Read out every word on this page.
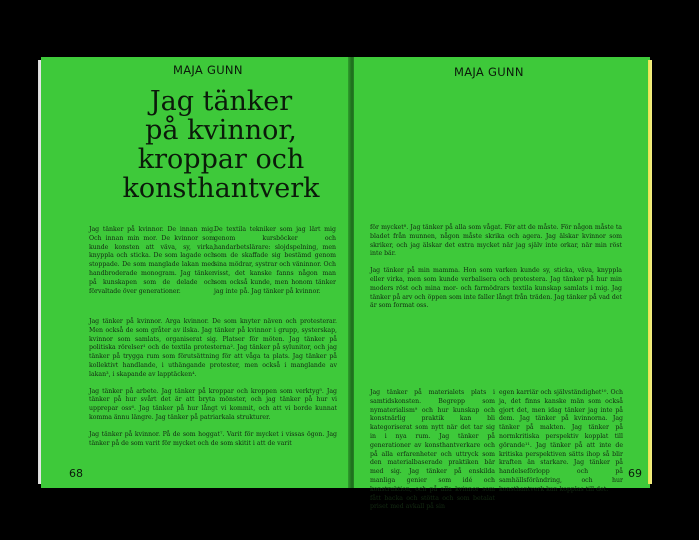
MAJA GUNN
Jag tänker
på kvinnor,
kroppar och
konsthantverk

Jag tänker på kvinnor. De innan mig. Och innan min mor. De kvinnor som kunde konsten att väva, sy, virka, knyppla och sticka. De som lagade och stoppade. De som manglade lakan med handbroderade monogram. Jag tänker på kunskapen som de delade och förvaltade över generationer.

De textila tekniker som jag lärt mig genom kursböcker och handarbetslärare: slojdspelning, men som de skaffade sig bestämd genom sina mödrar, systrar och väninnor. Och visst, det kanske fanns någon man som också kunde, men honom tänker jag inte på. Jag tänker på kvinnor.

Jag tänker på kvinnor. Arga kvinnor. De som knyter näven och protesterar. Men också de som gråter av ilska. Jag tänker på kvinnor i grupp, systerskap, kvinnor som samlats, organiserat sig. Platser för möten. Jag tänker på politiska rörelser¹ och de textila protesterna². Jag tänker på sylunitor, och jag tänker på trygga rum som förutsättning för att våga ta plats. Jag tänker på kollektivt handlande, i uthängande protester, men också i manglande av lakan³, i skapande av lapptäcken⁴.

Jag tänker på arbete. Jag tänker på kroppar och kroppen som verktyg⁵. Jag tänker på hur svårt det är att bryta mönster, och jag tänker på hur vi upprepar oss⁶. Jag tänker på hur långt vi kommit, och att vi borde kunnat komma ännu längre. Jag tänker på patriarkala strukturer.

Jag tänker på kvinnor. På de som hoggat⁷. Varit för mycket i vissas ögon. Jag tänker på de som varit för mycket och de som skitit i att de varit

68
MAJA GUNN

för mycket⁸. Jag tänker på alla som vågat. För att de måste. För någon måste ta bladet från munnen, någon måste skrika och agera. Jag älskar kvinnor som skriker, och jag älskar det extra mycket när jag själv inte orkar, när min röst inte bär.

Jag tänker på min mamma. Hon som varken kunde sy, sticka, väva, knyppla eller virka, men som kunde verbalisera och protestera. Jag tänker på hur min moders röst och mina mor- och farmödrars textila kunskap samlats i mig. Jag tänker på arv och öppen som inte faller långt från träden. Jag tänker på vad det är som format oss.

Jag tänker på materialets plats i samtidskonsten. Begrepp som nymaterialism⁹ och hur kunskap och konstnärlig praktik kan bli kategoriserat som nytt när det tar sig in i nya rum. Jag tänker på generationer av konsthantverkare och på alla erfarenheter och uttryck som den materialbaserade praktiken bär med sig. Jag tänker på enskilda manliga genier som idé och konstruktion, och på alla kvinnor som fått backa och stötta och som betalat priset med avkall på sin

egen karriär och självständighet¹⁰. Och ja, det finns kanske män som också gjort det, men idag tänker jag inte på dem. Jag tänker på kvinnorna. Jag tänker på makten. Jag tänker på normkritiska perspektiv kopplat till görande¹¹. Jag tänker på att inte de kritiska perspektiven sätts ihop så blir kraften än starkare. Jag tänker på handelseförlopp och på samhällsförändring, och hur konsthantverk kan kopplas till det.

69
